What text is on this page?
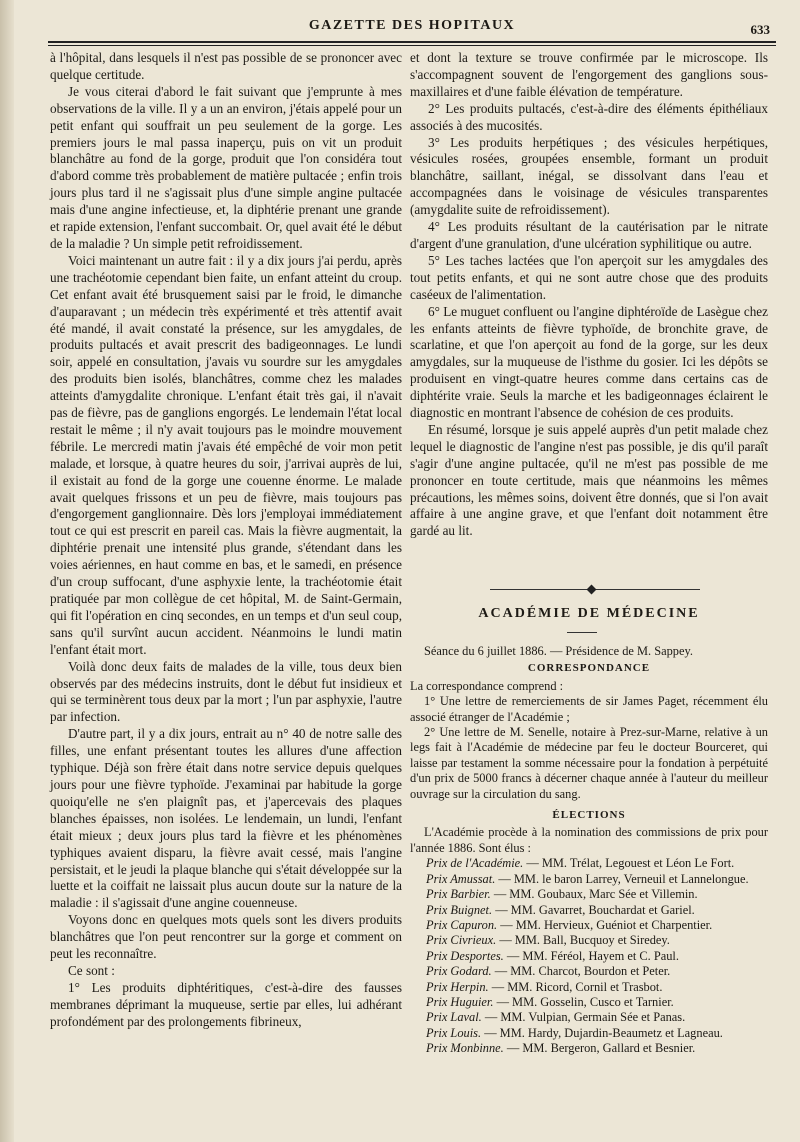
GAZETTE DES HOPITAUX	633

à l'hôpital, dans lesquels il n'est pas possible de se prononcer avec quelque certitude.

Je vous citerai d'abord le fait suivant que j'emprunte à mes observations de la ville. Il y a un an environ, j'étais appelé pour un petit enfant qui souffrait un peu seulement de la gorge. Les premiers jours le mal passa inaperçu, puis on vit un produit blanchâtre au fond de la gorge, produit que l'on considéra tout d'abord comme très probablement de matière pultacée ; enfin trois jours plus tard il ne s'agissait plus d'une simple angine pultacée mais d'une angine infectieuse, et, la diphtérie prenant une grande et rapide extension, l'enfant succombait. Or, quel avait été le début de la maladie ? Un simple petit refroidissement.

Voici maintenant un autre fait : il y a dix jours j'ai perdu, après une trachéotomie cependant bien faite, un enfant atteint du croup. Cet enfant avait été brusquement saisi par le froid, le dimanche d'auparavant ; un médecin très expérimenté et très attentif avait été mandé, il avait constaté la présence, sur les amygdales, de produits pultacés et avait prescrit des badigeonnages. Le lundi soir, appelé en consultation, j'avais vu sourdre sur les amygdales des produits bien isolés, blanchâtres, comme chez les malades atteints d'amygdalite chronique. L'enfant était très gai, il n'avait pas de fièvre, pas de ganglions engorgés. Le lendemain l'état local restait le même ; il n'y avait toujours pas le moindre mouvement fébrile. Le mercredi matin j'avais été empêché de voir mon petit malade, et lorsque, à quatre heures du soir, j'arrivai auprès de lui, il existait au fond de la gorge une couenne énorme. Le malade avait quelques frissons et un peu de fièvre, mais toujours pas d'engorgement ganglionnaire. Dès lors j'employai immédiatement tout ce qui est prescrit en pareil cas. Mais la fièvre augmentait, la diphtérie prenait une intensité plus grande, s'étendant dans les voies aériennes, en haut comme en bas, et le samedi, en présence d'un croup suffocant, d'une asphyxie lente, la trachéotomie était pratiquée par mon collègue de cet hôpital, M. de Saint-Germain, qui fit l'opération en cinq secondes, en un temps et d'un seul coup, sans qu'il survînt aucun accident. Néanmoins le lundi matin l'enfant était mort.

Voilà donc deux faits de malades de la ville, tous deux bien observés par des médecins instruits, dont le début fut insidieux et qui se terminèrent tous deux par la mort ; l'un par asphyxie, l'autre par infection.

D'autre part, il y a dix jours, entrait au n° 40 de notre salle des filles, une enfant présentant toutes les allures d'une affection typhique. Déjà son frère était dans notre service depuis quelques jours pour une fièvre typhoïde. J'examinai par habitude la gorge quoiqu'elle ne s'en plaignît pas, et j'apercevais des plaques blanches épaisses, non isolées. Le lendemain, un lundi, l'enfant était mieux ; deux jours plus tard la fièvre et les phénomènes typhiques avaient disparu, la fièvre avait cessé, mais l'angine persistait, et le jeudi la plaque blanche qui s'était développée sur la luette et la coiffait ne laissait plus aucun doute sur la nature de la maladie : il s'agissait d'une angine couenneuse.

Voyons donc en quelques mots quels sont les divers produits blanchâtres que l'on peut rencontrer sur la gorge et comment on peut les reconnaître.

Ce sont :

1° Les produits diphtéritiques, c'est-à-dire des fausses membranes déprimant la muqueuse, sertie par elles, lui adhérant profondément par des prolongements fibrineux,

et dont la texture se trouve confirmée par le microscope. Ils s'accompagnent souvent de l'engorgement des ganglions sous-maxillaires et d'une faible élévation de température.

2° Les produits pultacés, c'est-à-dire des éléments épithéliaux associés à des mucosités.

3° Les produits herpétiques ; des vésicules herpétiques, vésicules rosées, groupées ensemble, formant un produit blanchâtre, saillant, inégal, se dissolvant dans l'eau et accompagnées dans le voisinage de vésicules transparentes (amygdalite suite de refroidissement).

4° Les produits résultant de la cautérisation par le nitrate d'argent d'une granulation, d'une ulcération syphilitique ou autre.

5° Les taches lactées que l'on aperçoit sur les amygdales des tout petits enfants, et qui ne sont autre chose que des produits caséeux de l'alimentation.

6° Le muguet confluent ou l'angine diphtéroïde de Lasègue chez les enfants atteints de fièvre typhoïde, de bronchite grave, de scarlatine, et que l'on aperçoit au fond de la gorge, sur les deux amygdales, sur la muqueuse de l'isthme du gosier. Ici les dépôts se produisent en vingt-quatre heures comme dans certains cas de diphtérite vraie. Seuls la marche et les badigeonnages éclairent le diagnostic en montrant l'absence de cohésion de ces produits.

En résumé, lorsque je suis appelé auprès d'un petit malade chez lequel le diagnostic de l'angine n'est pas possible, je dis qu'il paraît s'agir d'une angine pultacée, qu'il ne m'est pas possible de me prononcer en toute certitude, mais que néanmoins les mêmes précautions, les mêmes soins, doivent être donnés, que si l'on avait affaire à une angine grave, et que l'enfant doit notamment être gardé au lit.

ACADÉMIE DE MÉDECINE

Séance du 6 juillet 1886. — Présidence de M. Sappey.

CORRESPONDANCE

La correspondance comprend :

1° Une lettre de remerciements de sir James Paget, récemment élu associé étranger de l'Académie ;

2° Une lettre de M. Senelle, notaire à Prez-sur-Marne, relative à un legs fait à l'Académie de médecine par feu le docteur Bourceret, qui laisse par testament la somme nécessaire pour la fondation à perpétuité d'un prix de 5000 francs à décerner chaque année à l'auteur du meilleur ouvrage sur la circulation du sang.

ÉLECTIONS

L'Académie procède à la nomination des commissions de prix pour l'année 1886. Sont élus :

Prix de l'Académie. — MM. Trélat, Legouest et Léon Le Fort.
Prix Amussat. — MM. le baron Larrey, Verneuil et Lannelongue.
Prix Barbier. — MM. Goubaux, Marc Sée et Villemin.
Prix Buignet. — MM. Gavarret, Bouchardat et Gariel.
Prix Capuron. — MM. Hervieux, Guéniot et Charpentier.
Prix Civrieux. — MM. Ball, Bucquoy et Siredey.
Prix Desportes. — MM. Féréol, Hayem et C. Paul.
Prix Godard. — MM. Charcot, Bourdon et Peter.
Prix Herpin. — MM. Ricord, Cornil et Trasbot.
Prix Huguier. — MM. Gosselin, Cusco et Tarnier.
Prix Laval. — MM. Vulpian, Germain Sée et Panas.
Prix Louis. — MM. Hardy, Dujardin-Beaumetz et Lagneau.
Prix Monbinne. — MM. Bergeron, Gallard et Besnier.
